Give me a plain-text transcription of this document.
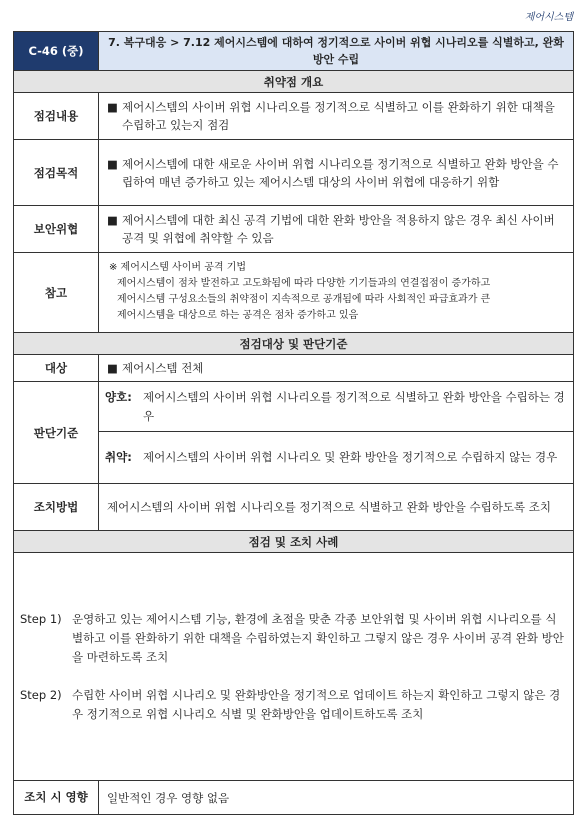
제어시스템
C-46 (중)	7. 복구대응 > 7.12 제어시스템에 대하여 정기적으로 사이버 위협 시나리오를 식별하고, 완화 방안 수립
취약점 개요	
점검내용	■ 제어시스템의 사이버 위협 시나리오를 정기적으로 식별하고 이를 완화하기 위한 대책을 수립하고 있는지 점검

점검목적	■ 제어시스템에 대한 새로운 사이버 위협 시나리오를 정기적으로 식별하고 완화 방안을 수립하여 매년 증가하고 있는 제어시스템 대상의 사이버 위협에 대응하기 위함

보안위협	■ 제어시스템에 대한 최신 공격 기법에 대한 완화 방안을 적용하지 않은 경우 최신 사이버 공격 및 위협에 취약할 수 있음

참고	※ 제어시스템 사이버 공격 기법
제어시스템이 점차 발전하고 고도화됨에 따라 다양한 기기들과의 연결접점이 증가하고
제어시스템 구성요소들의 취약점이 지속적으로 공개됨에 따라 사회적인 파급효과가 큰
제어시스템을 대상으로 하는 공격은 점차 증가하고 있음

점검대상 및 판단기준	
대상	■ 제어시스템 전체

판단기준	양호: 제어시스템의 사이버 위협 시나리오를 정기적으로 식별하고 완화 방안을 수립하는 경우

	취약: 제어시스템의 사이버 위협 시나리오 및 완화 방안을 정기적으로 수립하지 않는 경우

조치방법	제어시스템의 사이버 위협 시나리오를 정기적으로 식별하고 완화 방안을 수립하도록 조치
점검 및 조치 사례	

Step 1) 운영하고 있는 제어시스템 기능, 환경에 초점을 맞춘 각종 보안위협 및 사이버 위협 시나리오를 식별하고 이를 완화하기 위한 대책을 수립하였는지 확인하고 그렇지 않은 경우 사이버 공격 완화 방안을 마련하도록 조치
Step 2) 수립한 사이버 위협 시나리오 및 완화방안을 정기적으로 업데이트 하는지 확인하고 그렇지 않은 경우 정기적으로 위협 시나리오 식별 및 완화방안을 업데이트하도록 조치	

조치 시 영향	일반적인 경우 영향 없음
